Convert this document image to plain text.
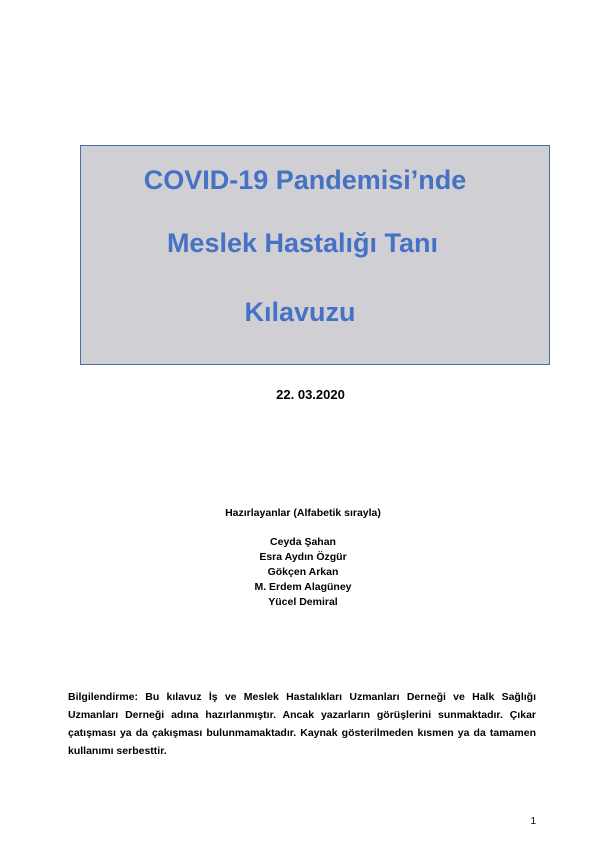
COVID-19 Pandemisi’nde
Meslek Hastalığı Tanı
Kılavuzu
22. 03.2020
Hazırlayanlar (Alfabetik sırayla)
Ceyda Şahan
Esra Aydın Özgür
Gökçen Arkan
M. Erdem Alagüney
Yücel Demiral
Bilgilendirme: Bu kılavuz İş ve Meslek Hastalıkları Uzmanları Derneği ve Halk Sağlığı Uzmanları Derneği adına hazırlanmıştır. Ancak yazarların görüşlerini sunmaktadır. Çıkar çatışması ya da çakışması bulunmamaktadır. Kaynak gösterilmeden kısmen ya da tamamen kullanımı serbesttir.
1
